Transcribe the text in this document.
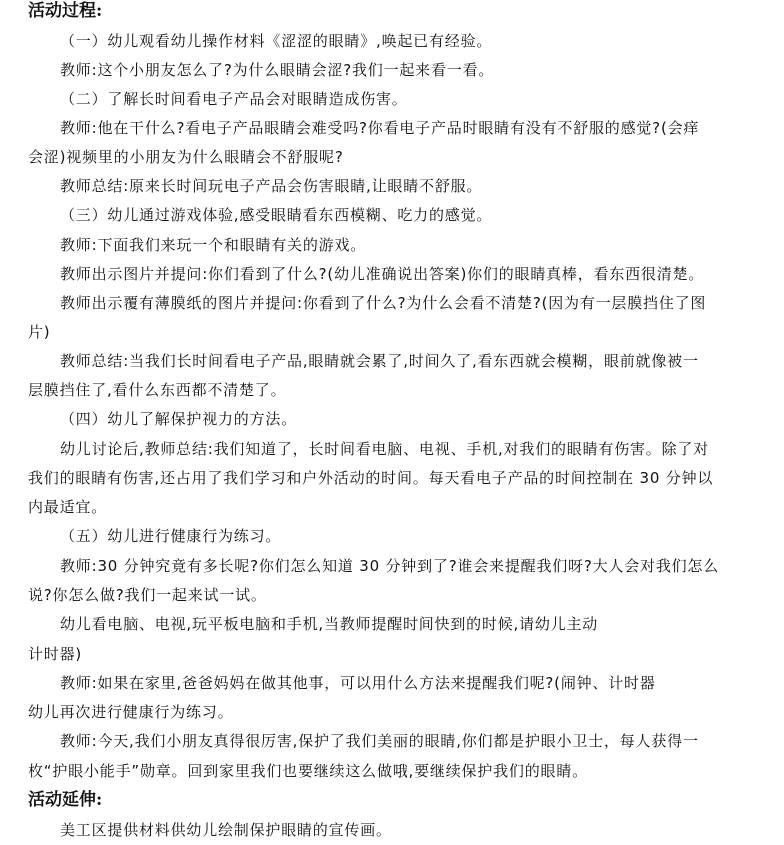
活动过程:
（一）幼儿观看幼儿操作材料《涩涩的眼睛》,唤起已有经验。
教师:这个小朋友怎么了?为什么眼睛会涩?我们一起来看一看。
（二）了解长时间看电子产品会对眼睛造成伤害。
教师:他在干什么?看电子产品眼睛会难受吗?你看电子产品时眼睛有没有不舒服的感觉?(会痒
会涩)视频里的小朋友为什么眼睛会不舒服呢?
教师总结:原来长时间玩电子产品会伤害眼睛,让眼睛不舒服。
（三）幼儿通过游戏体验,感受眼睛看东西模糊、吃力的感觉。
教师:下面我们来玩一个和眼睛有关的游戏。
教师出示图片并提问:你们看到了什么?(幼儿准确说出答案)你们的眼睛真棒，看东西很清楚。
教师出示覆有薄膜纸的图片并提问:你看到了什么?为什么会看不清楚?(因为有一层膜挡住了图
片)
教师总结:当我们长时间看电子产品,眼睛就会累了,时间久了,看东西就会模糊，眼前就像被一
层膜挡住了,看什么东西都不清楚了。
（四）幼儿了解保护视力的方法。
幼儿讨论后,教师总结:我们知道了，长时间看电脑、电视、手机,对我们的眼睛有伤害。除了对
我们的眼睛有伤害,还占用了我们学习和户外活动的时间。每天看电子产品的时间控制在 30 分钟以
内最适宜。
（五）幼儿进行健康行为练习。
教师:30 分钟究竟有多长呢?你们怎么知道 30 分钟到了?谁会来提醒我们呀?大人会对我们怎么
说?你怎么做?我们一起来试一试。
幼儿看电脑、电视,玩平板电脑和手机,当教师提醒时间快到的时候,请幼儿主动
计时器)
教师:如果在家里,爸爸妈妈在做其他事，可以用什么方法来提醒我们呢?(闹钟、计时器
幼儿再次进行健康行为练习。
教师:今天,我们小朋友真得很厉害,保护了我们美丽的眼睛,你们都是护眼小卫士，每人获得一
枚“护眼小能手”勋章。回到家里我们也要继续这么做哦,要继续保护我们的眼睛。
活动延伸:
美工区提供材料供幼儿绘制保护眼睛的宣传画。
